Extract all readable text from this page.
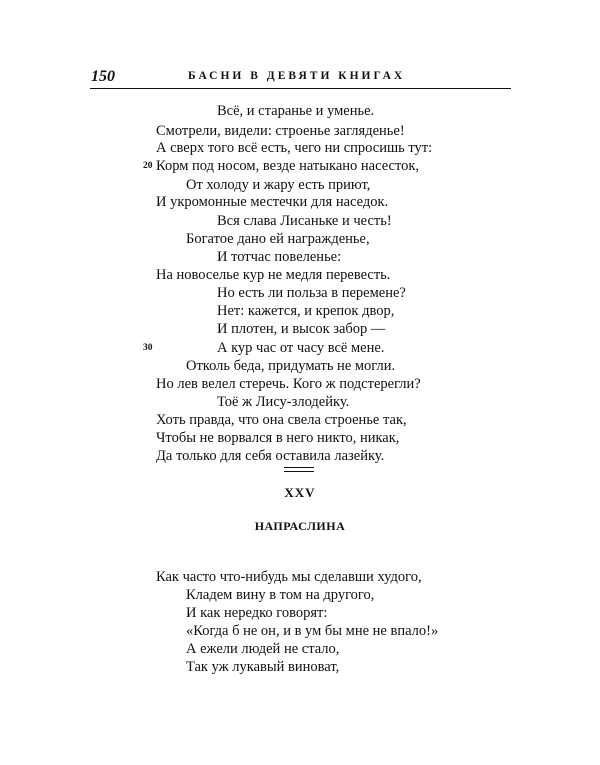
150	БАСНИ В ДЕВЯТИ КНИГАХ
Всё, и стараньe и уменье.
Смотрели, видели: строенье загляденье!
А сверх того всё есть, чего ни спросишь тут:
20 Корм под носом, везде натыкано насесток,
От холоду и жару есть приют,
И укромонные местечки для наседок.
Вся слава Лисаньке и честь!
Богатое дано ей награжденье,
И тотчас повеленье:
На новоселье кур не медля перевесть.
Но есть ли польза в перемене?
Нет: кажется, и крепок двор,
И плотен, и высок забор —
30	А кур час от часу всё мене.
Отколь беда, придумать не могли.
Но лев велел стеречь. Кого ж подстерегли?
Тоё ж Лису-злодейку.
Хоть правда, что она свела строенье так,
Чтобы не ворвался в него никто, никак,
Да только для себя оставила лазейку.
XXV
НАПРАСЛИНА
Как часто что-нибудь мы сделавши худого,
Кладем вину в том на другого,
И как нередко говорят:
«Когда б не он, и в ум бы мне не впало!»
А ежели людей не стало,
Так уж лукавый виноват,
